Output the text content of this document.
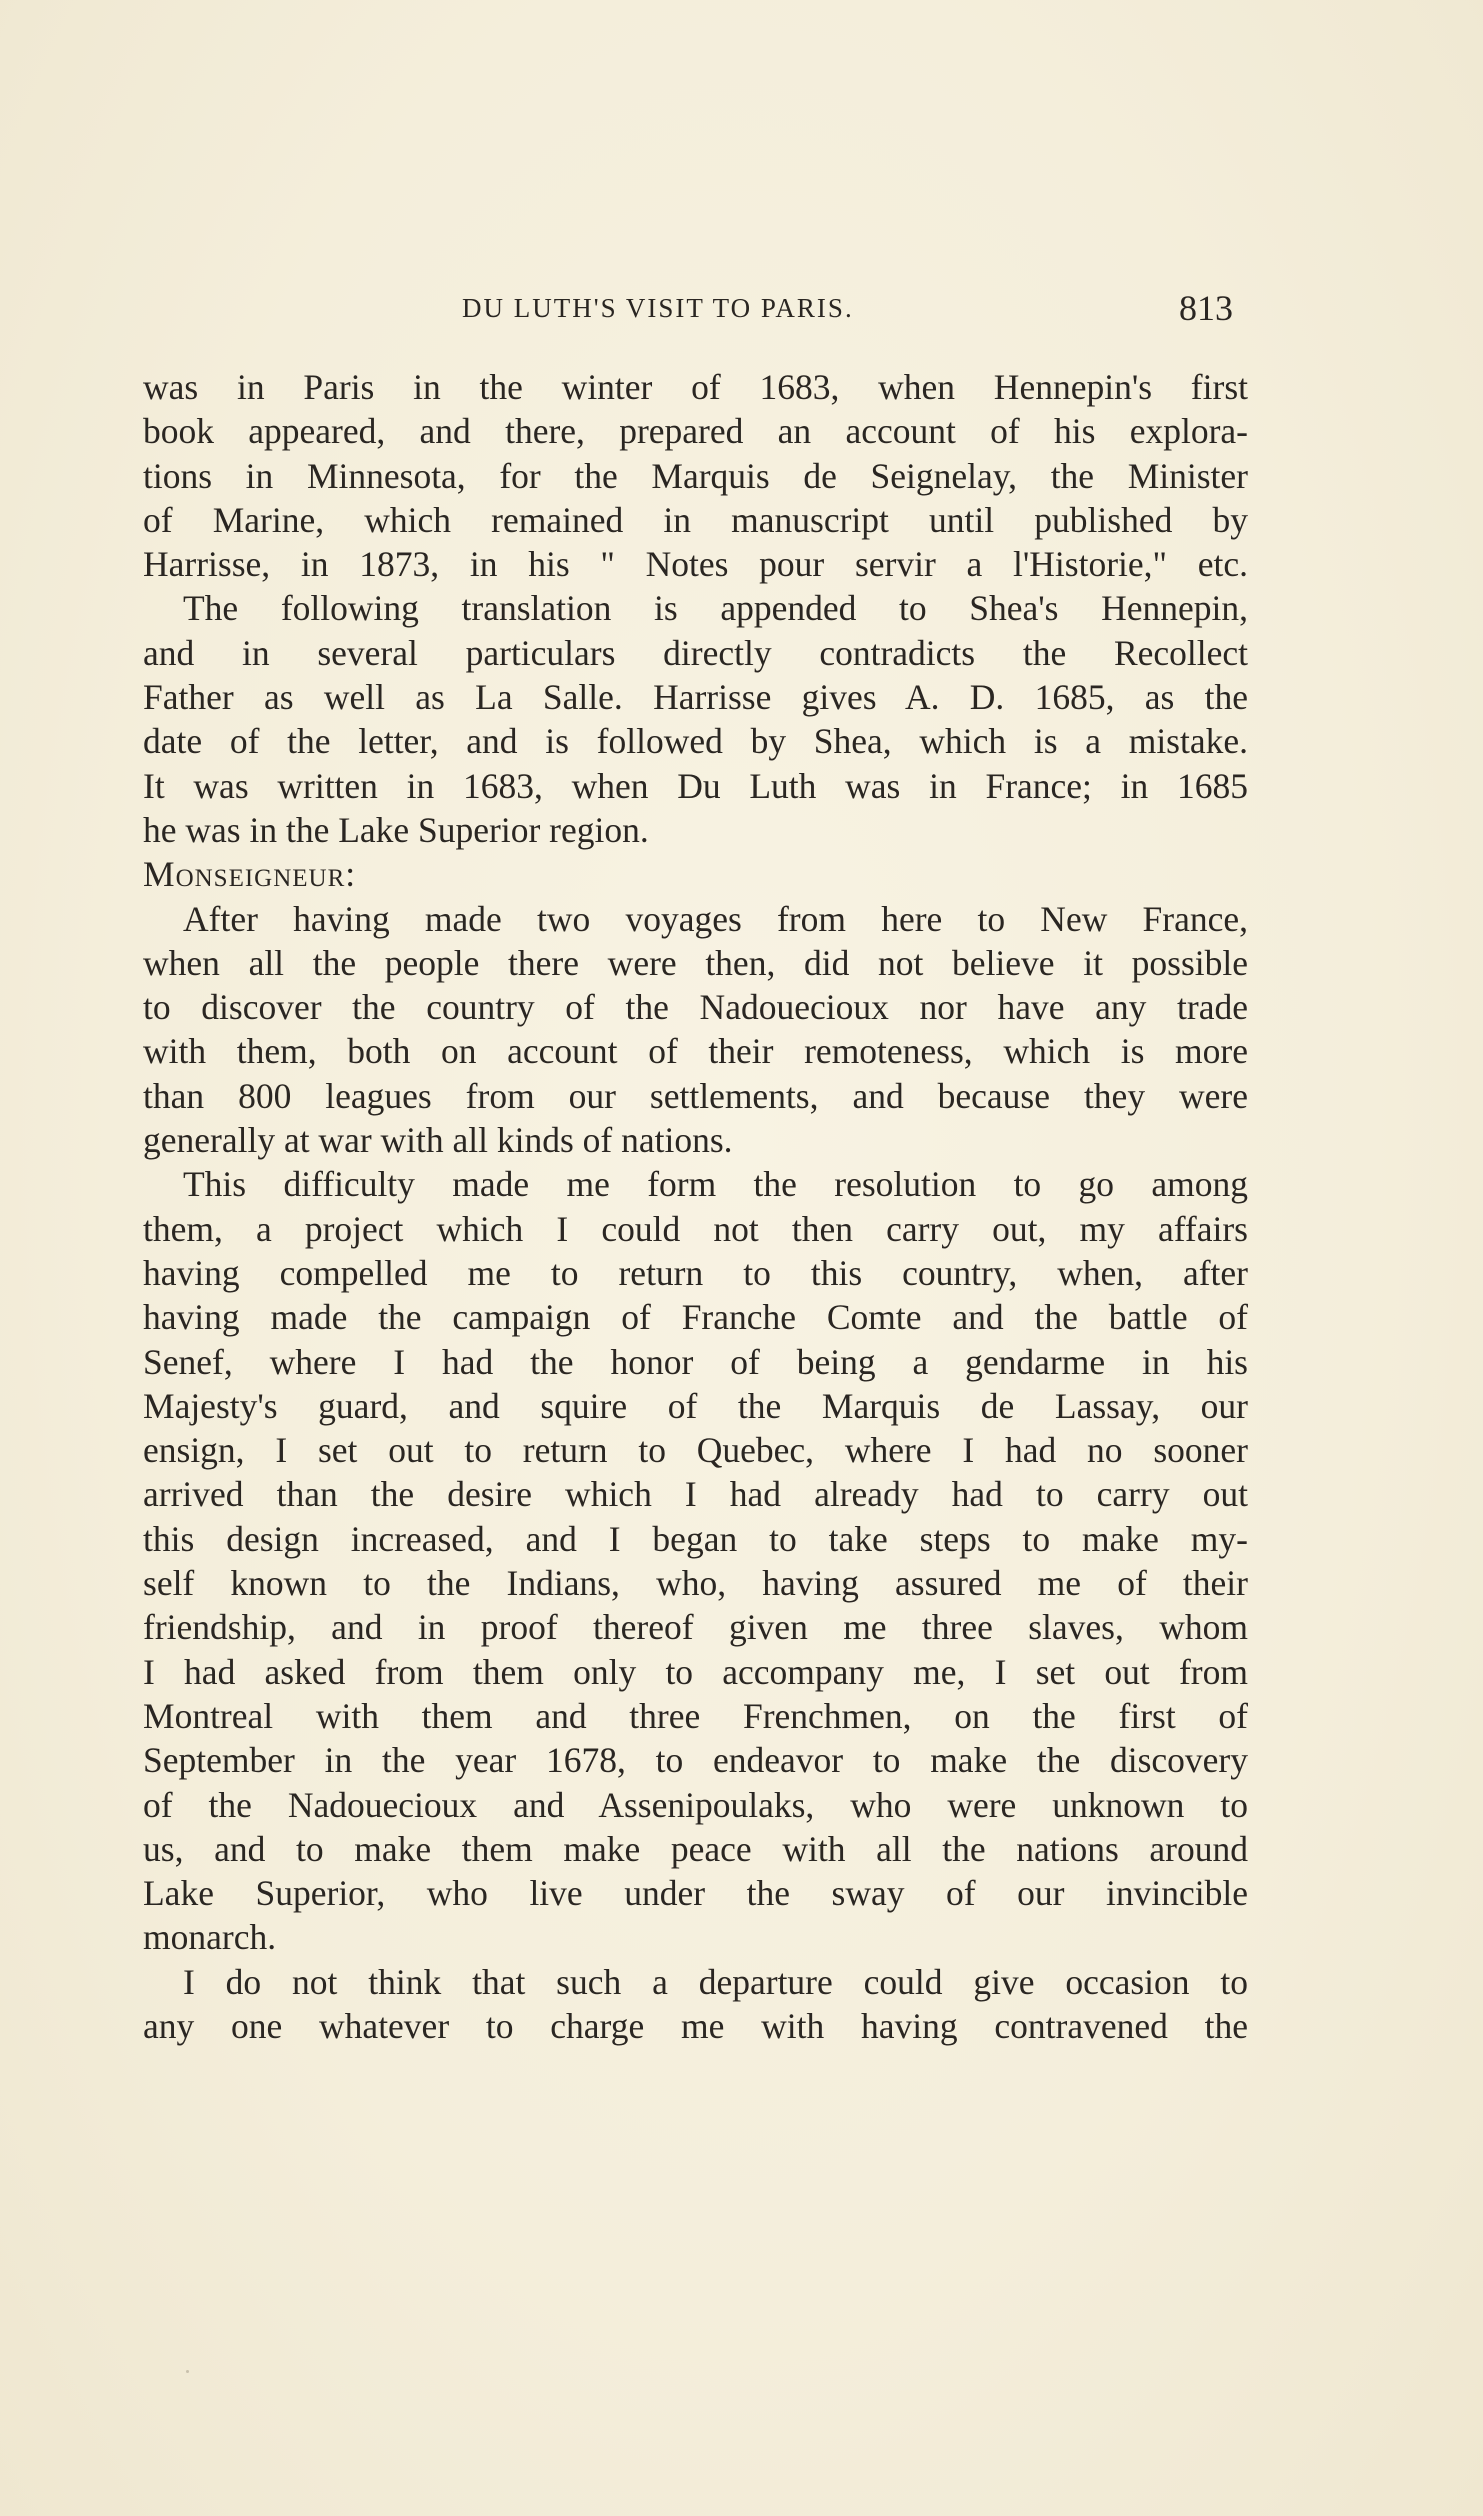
DU LUTH'S VISIT TO PARIS.	813
was in Paris in the winter of 1683, when Hennepin's first
book appeared, and there, prepared an account of his explora-
tions in Minnesota, for the Marquis de Seignelay, the Minister
of Marine, which remained in manuscript until published by
Harrisse, in 1873, in his " Notes pour servir a l'Historie," etc.
The following translation is appended to Shea's Hennepin,
and in several particulars directly contradicts the Recollect
Father as well as La Salle. Harrisse gives A. D. 1685, as the
date of the letter, and is followed by Shea, which is a mistake.
It was written in 1683, when Du Luth was in France; in 1685
he was in the Lake Superior region.
Monseigneur:
After having made two voyages from here to New France,
when all the people there were then, did not believe it possible
to discover the country of the Nadouecioux nor have any trade
with them, both on account of their remoteness, which is more
than 800 leagues from our settlements, and because they were
generally at war with all kinds of nations.
This difficulty made me form the resolution to go among
them, a project which I could not then carry out, my affairs
having compelled me to return to this country, when, after
having made the campaign of Franche Comte and the battle of
Senef, where I had the honor of being a gendarme in his
Majesty's guard, and squire of the Marquis de Lassay, our
ensign, I set out to return to Quebec, where I had no sooner
arrived than the desire which I had already had to carry out
this design increased, and I began to take steps to make my-
self known to the Indians, who, having assured me of their
friendship, and in proof thereof given me three slaves, whom
I had asked from them only to accompany me, I set out from
Montreal with them and three Frenchmen, on the first of
September in the year 1678, to endeavor to make the discovery
of the Nadouecioux and Assenipoulaks, who were unknown to
us, and to make them make peace with all the nations around
Lake Superior, who live under the sway of our invincible
monarch.
I do not think that such a departure could give occasion to
any one whatever to charge me with having contravened the
